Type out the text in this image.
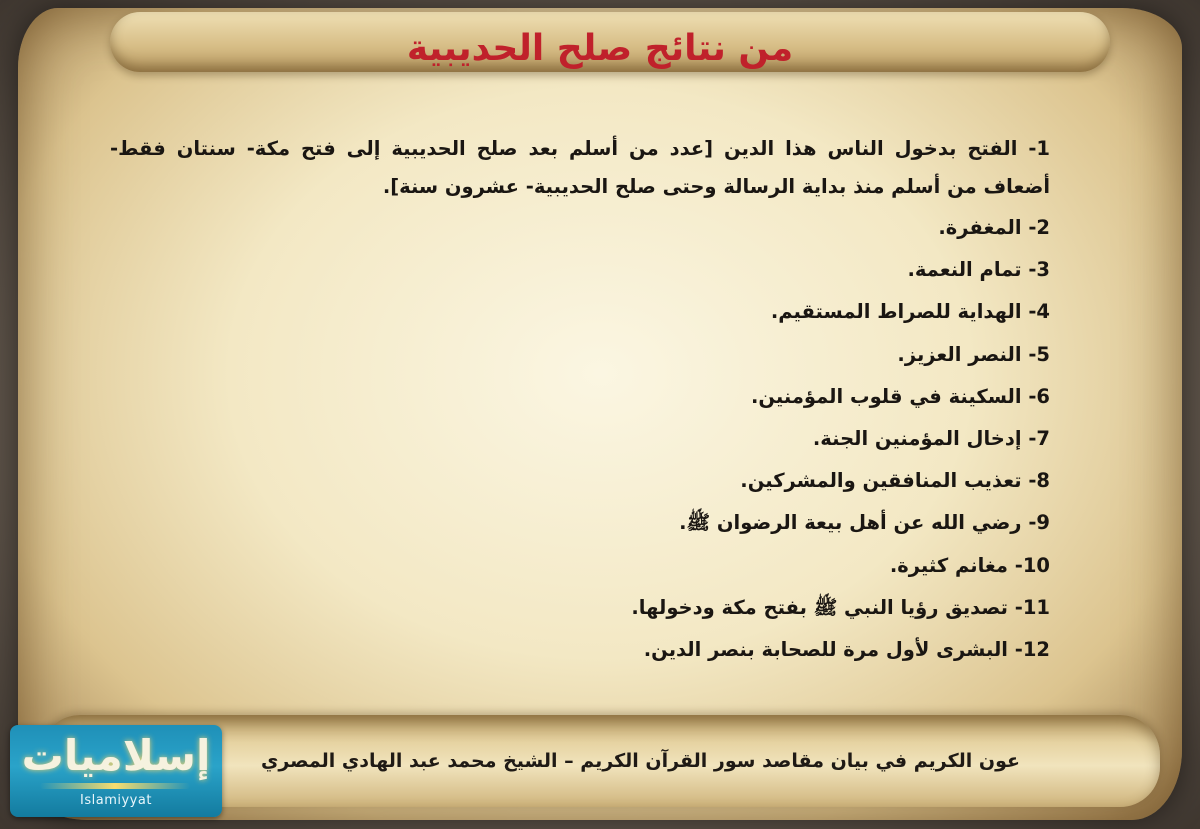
من نتائج صلح الحديبية
1- الفتح بدخول الناس هذا الدين [عدد من أسلم بعد صلح الحديبية إلى فتح مكة- سنتان فقط- أضعاف من أسلم منذ بداية الرسالة وحتى صلح الحديبية- عشرون سنة].
2- المغفرة.
3- تمام النعمة.
4- الهداية للصراط المستقيم.
5- النصر العزيز.
6- السكينة في قلوب المؤمنين.
7- إدخال المؤمنين الجنة.
8- تعذيب المنافقين والمشركين.
9- رضي الله عن أهل بيعة الرضوان ﷺ.
10- مغانم كثيرة.
11- تصديق رؤيا النبي ﷺ بفتح مكة ودخولها.
12- البشرى لأول مرة للصحابة بنصر الدين.
عون الكريم في بيان مقاصد سور القرآن الكريم – الشيخ محمد عبد الهادي المصري
إسلاميات
Islamiyyat
